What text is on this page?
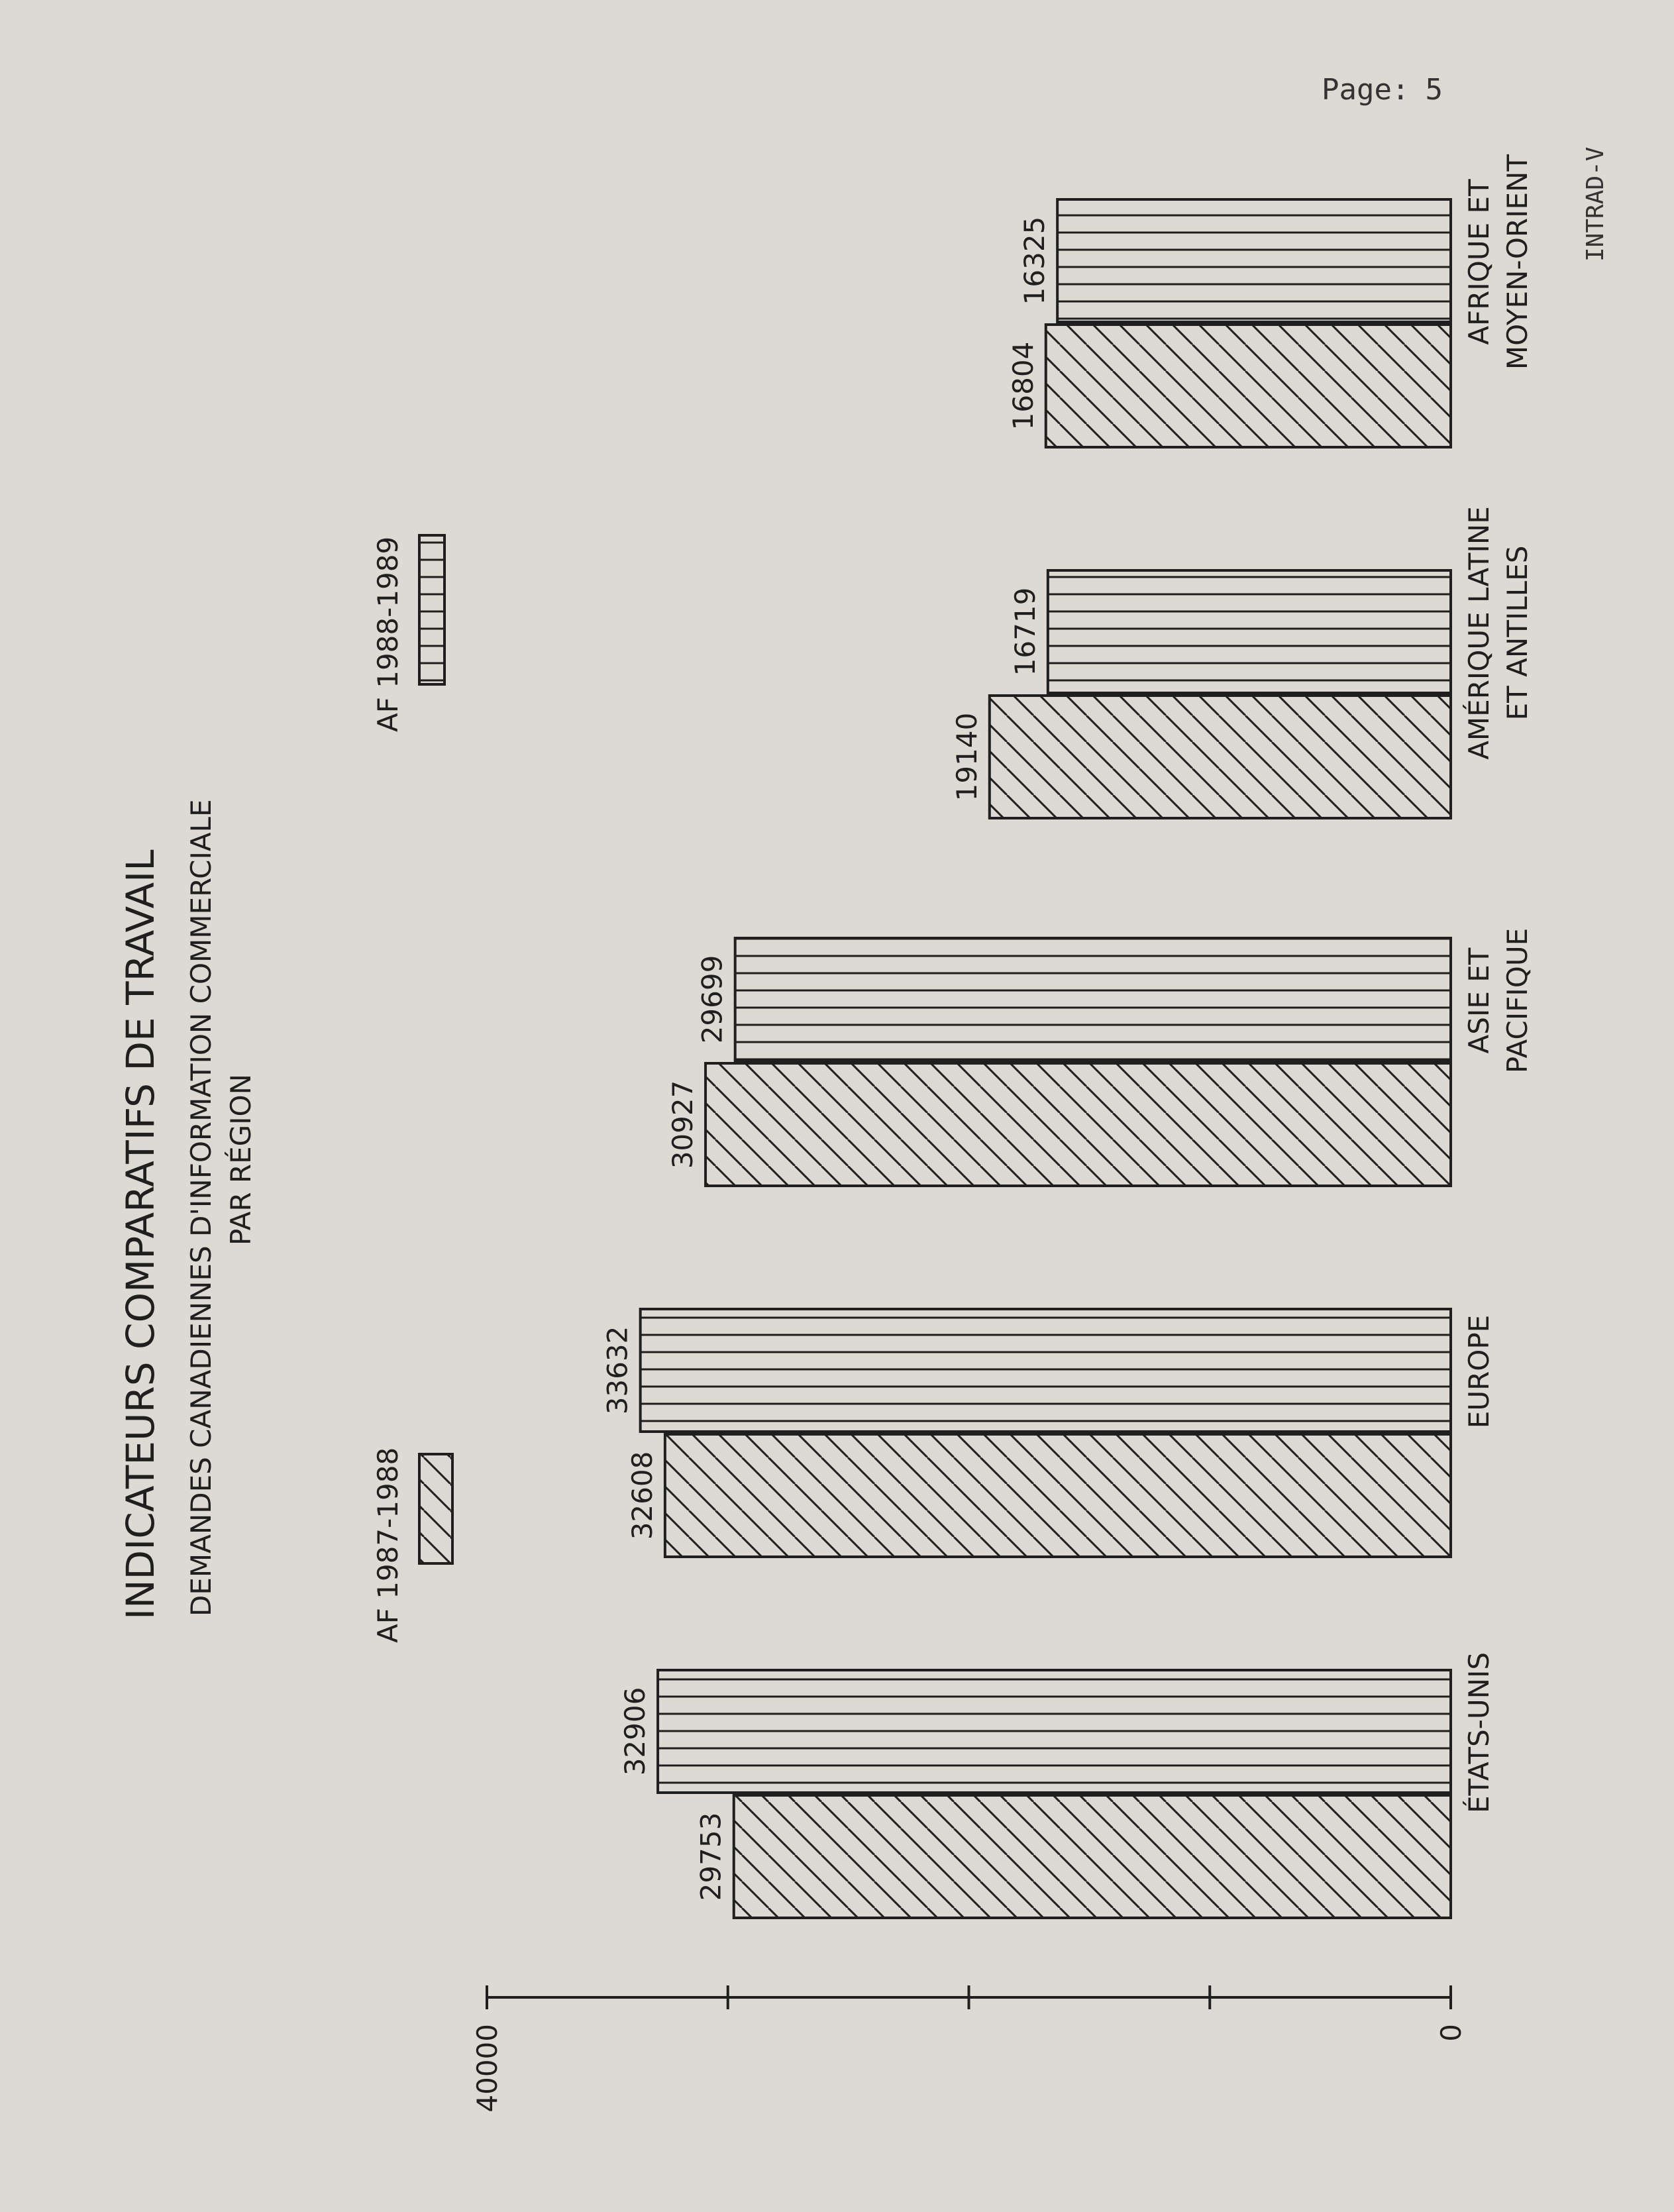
Page: 5
INTRAD-V
INDICATEURS COMPARATIFS DE TRAVAIL DEMANDES CANADIENNES D'INFORMATION COMMERCIALE PAR RÉGION
0
40000
29753
32906	ÉTATS-UNIS
32608
33632	EUROPE
30927
29699	ASIE ET PACIFIQUE
19140
16719	AMÉRIQUE LATINE ET ANTILLES
16804
16325	AFRIQUE ET MOYEN-ORIENT
AF 1987-1988
AF 1988-1989
